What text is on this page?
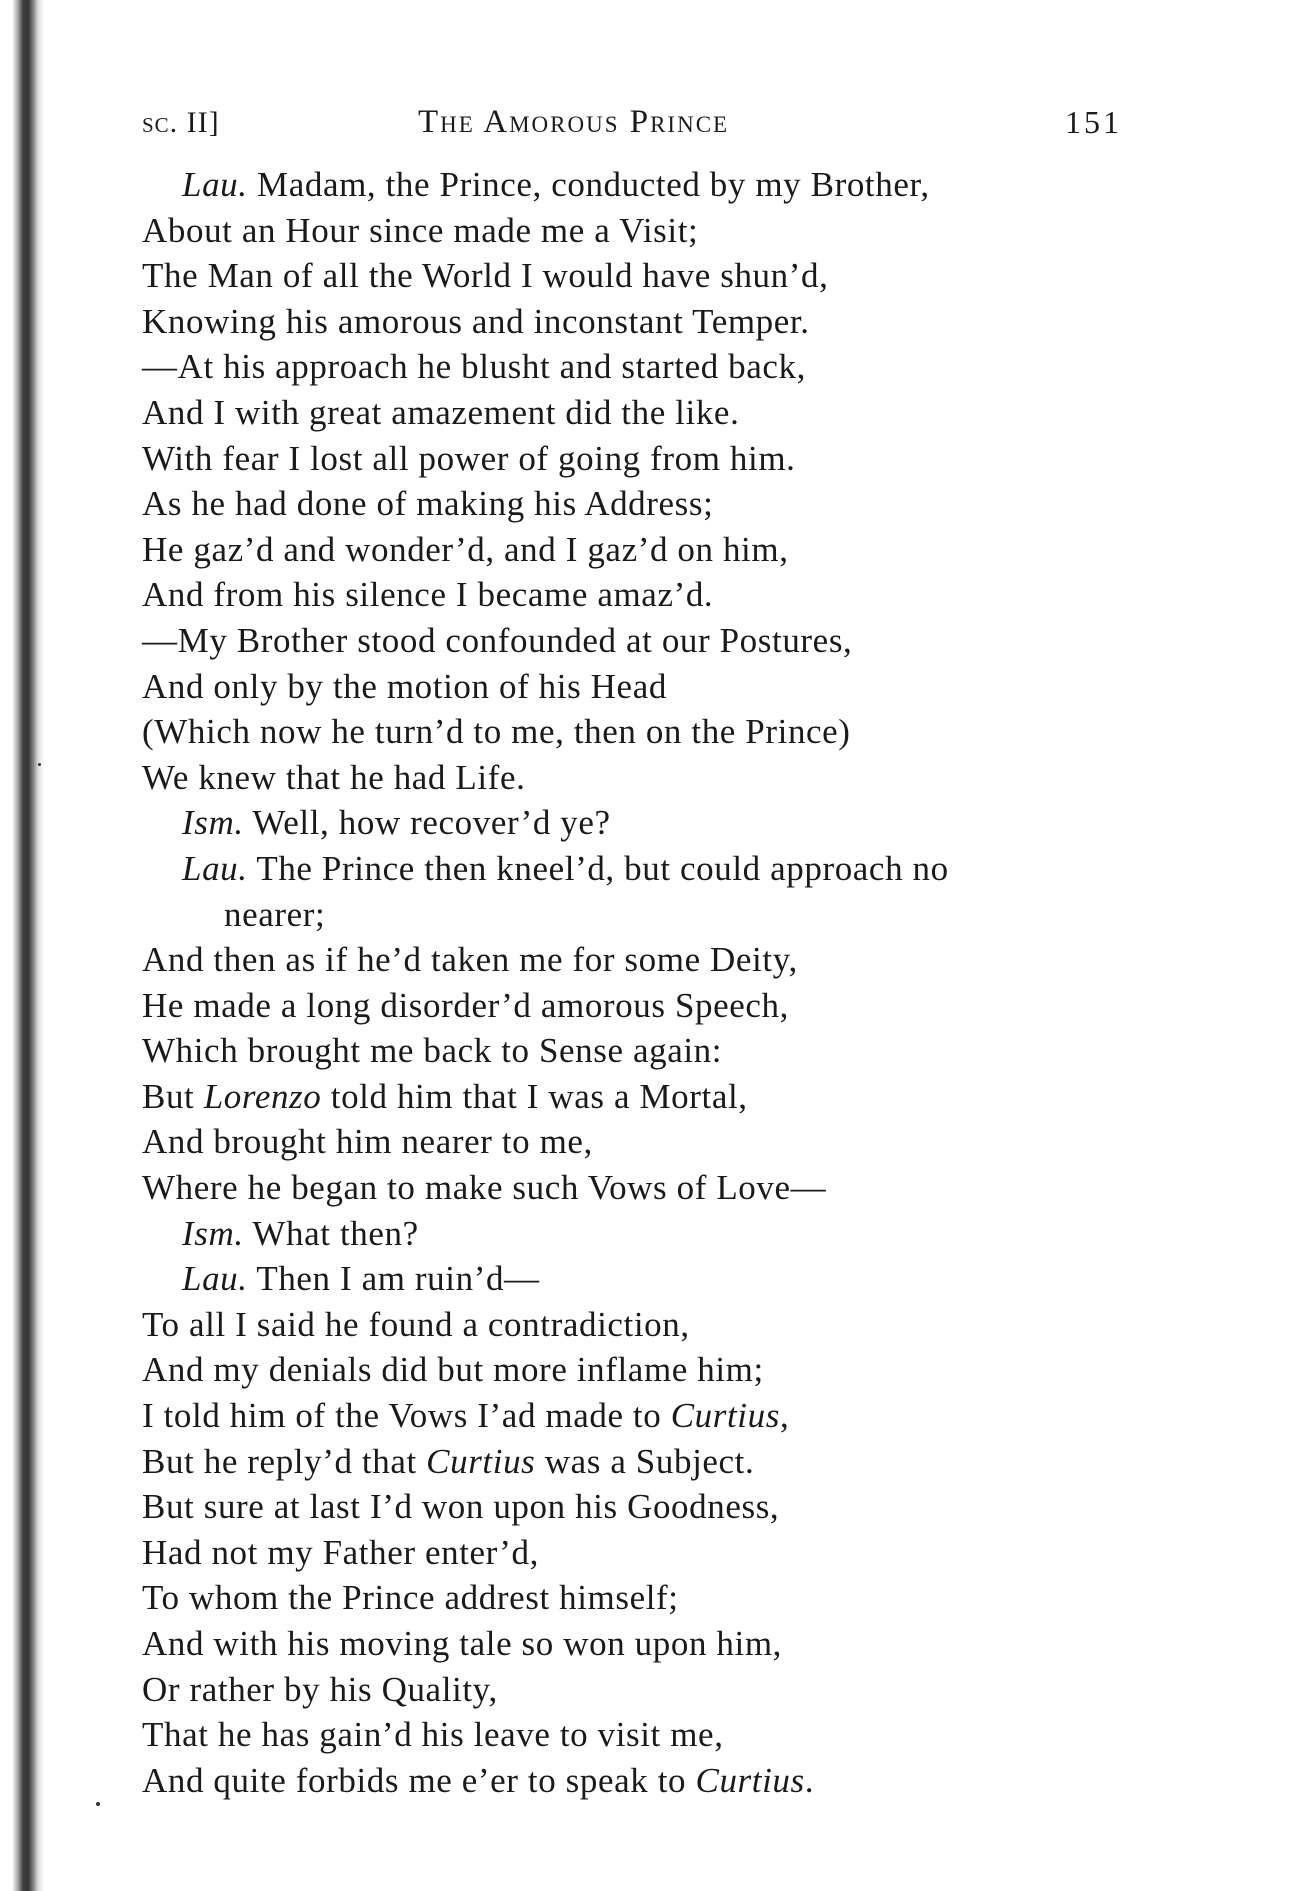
sc. II]	The Amorous Prince	151
Lau. Madam, the Prince, conducted by my Brother,
About an Hour since made me a Visit;
The Man of all the World I would have shun’d,
Knowing his amorous and inconstant Temper.
—At his approach he blusht and started back,
And I with great amazement did the like.
With fear I lost all power of going from him.
As he had done of making his Address;
He gaz’d and wonder’d, and I gaz’d on him,
And from his silence I became amaz’d.
—My Brother stood confounded at our Postures,
And only by the motion of his Head
(Which now he turn’d to me, then on the Prince)
We knew that he had Life.
Ism. Well, how recover’d ye?
Lau. The Prince then kneel’d, but could approach no
nearer;
And then as if he’d taken me for some Deity,
He made a long disorder’d amorous Speech,
Which brought me back to Sense again:
But Lorenzo told him that I was a Mortal,
And brought him nearer to me,
Where he began to make such Vows of Love—
Ism. What then?
Lau. Then I am ruin’d—
To all I said he found a contradiction,
And my denials did but more inflame him;
I told him of the Vows I’ad made to Curtius,
But he reply’d that Curtius was a Subject.
But sure at last I’d won upon his Goodness,
Had not my Father enter’d,
To whom the Prince addrest himself;
And with his moving tale so won upon him,
Or rather by his Quality,
That he has gain’d his leave to visit me,
And quite forbids me e’er to speak to Curtius.
